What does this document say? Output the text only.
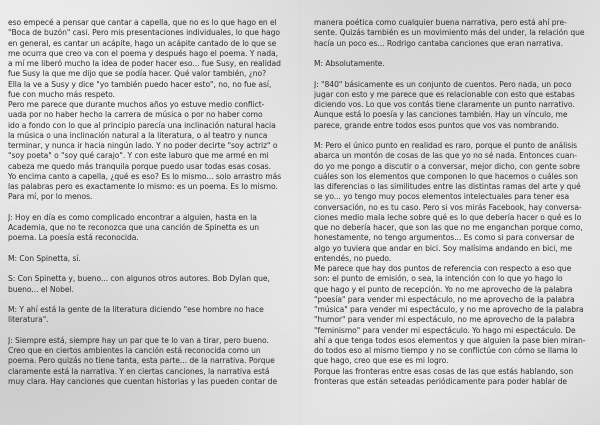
eso empecé a pensar que cantar a capella, que no es lo que hago en el
"Boca de buzón" casi. Pero mis presentaciones individuales, lo que hago
en general, es cantar un acápite, hago un acápite cantado de lo que se
me ocurra que creo va con el poema y después hago el poema. Y nada,
a mí me liberó mucho la idea de poder hacer eso... fue Susy, en realidad
fue Susy la que me dijo que se podía hacer. Qué valor también, ¿no?
Ella la ve a Susy y dice "yo también puedo hacer esto", no, no fue así,
fue con mucho más respeto.
Pero me parece que durante muchos años yo estuve medio conflict-
uada por no haber hecho la carrera de música o por no haber como
ido a fondo con lo que al principio parecía una inclinación natural hacia
la música o una inclinación natural a la literatura, o al teatro y nunca
terminar, y nunca ir hacia ningún lado. Y no poder decirte "soy actriz" o
"soy poeta" o "soy qué carajo". Y con este laburo que me armé en mi
cabeza me quedo más tranquila porque puedo usar todas esas cosas.
Yo encima canto a capella, ¿qué es eso? Es lo mismo... solo arrastro más
las palabras pero es exactamente lo mismo: es un poema. Es lo mismo.
Para mí, por lo menos.

J: Hoy en día es como complicado encontrar a alguien, hasta en la
Academia, que no te reconozca que una canción de Spinetta es un
poema. La poesía está reconocida.

M: Con Spinetta, sí.

S: Con Spinetta y, bueno... con algunos otros autores. Bob Dylan que,
bueno... el Nobel.

M: Y ahí está la gente de la literatura diciendo "ese hombre no hace
literatura".

J: Siempre está, siempre hay un par que te lo van a tirar, pero bueno.
Creo que en ciertos ambientes la canción está reconocida como un
poema. Pero quizás no tiene tanta, esta parte... de la narrativa. Porque
claramente está la narrativa. Y en ciertas canciones, la narrativa está
muy clara. Hay canciones que cuentan historias y las pueden contar de

manera poética como cualquier buena narrativa, pero está ahí pre-
sente. Quizás también es un movimiento más del under, la relación que
hacía un poco es... Rodrigo cantaba canciones que eran narrativa.

M: Absolutamente.

J: "840" básicamente es un conjunto de cuentos. Pero nada, un poco
jugar con esto y me parece que es relacionable con esto que estabas
diciendo vos. Lo que vos contás tiene claramente un punto narrativo.
Aunque está lo poesía y las canciones también. Hay un vínculo, me
parece, grande entre todos esos puntos que vos vas nombrando.

M: Pero el único punto en realidad es raro, porque el punto de análisis
abarca un montón de cosas de las que yo no sé nada. Entonces cuan-
do yo me pongo a discutir o a conversar, mejor dicho, con gente sobre
cuáles son los elementos que componen lo que hacemos o cuáles son
las diferencias o las similitudes entre las distintas ramas del arte y qué
se yo... yo tengo muy pocos elementos intelectuales para tener esa
conversación, no es tu caso. Pero si vos mirás Facebook, hay conversa-
ciones medio mala leche sobre qué es lo que debería hacer o qué es lo
que no debería hacer, que son las que no me enganchan porque como,
honestamente, no tengo argumentos... Es como si para conversar de
algo yo tuviera que andar en bici. Soy malísima andando en bici, me
entendés, no puedo.
Me parece que hay dos puntos de referencia con respecto a eso que
son: el punto de emisión, o sea, la intención con lo que yo hago lo
que hago y el punto de recepción. Yo no me aprovecho de la palabra
"poesía" para vender mi espectáculo, no me aprovecho de la palabra
"música" para vender mi espectáculo, y no me aprovecho de la palabra
"humor" para vender mi espectáculo, no me aprovecho de la palabra
"feminismo" para vender mi espectáculo. Yo hago mi espectáculo. De
ahí a que tenga todos esos elementos y que alguien la pase bien miran-
do todos eso al mismo tiempo y no se conflictúe con cómo se llama lo
que hago, creo que ese es mi logro.
Porque las fronteras entre esas cosas de las que estás hablando, son
fronteras que están seteadas periódicamente para poder hablar de
